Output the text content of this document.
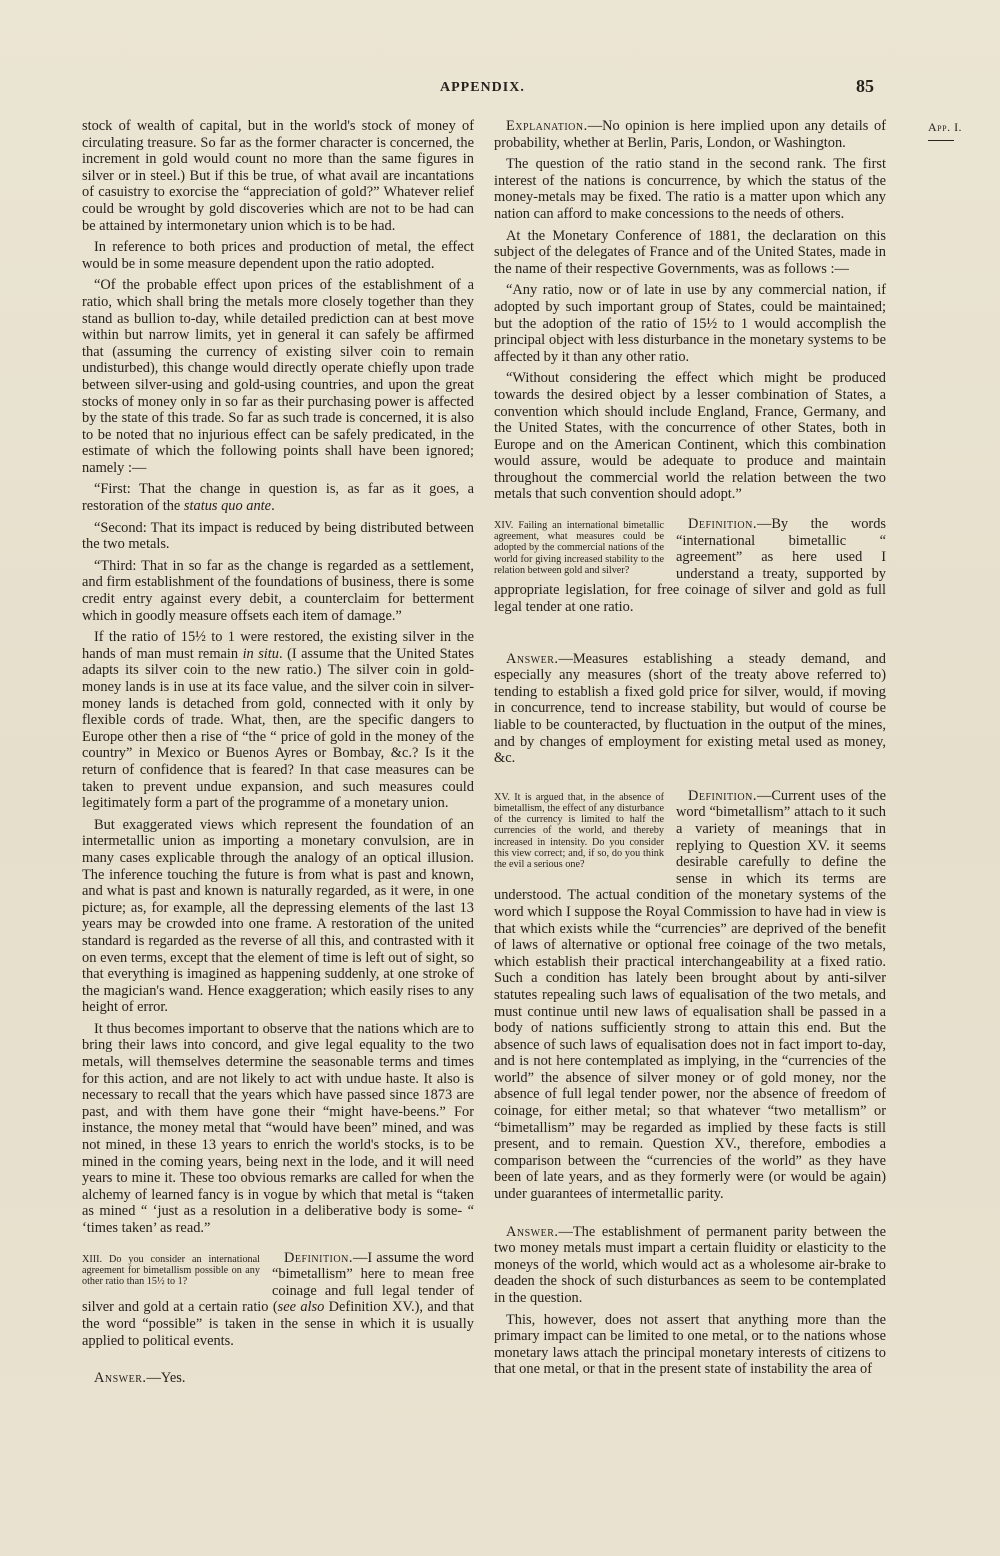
APPENDIX.	85
App. I.

stock of wealth of capital, but in the world's stock of money of circulating treasure. So far as the former character is concerned, the increment in gold would count no more than the same figures in silver or in steel.) But if this be true, of what avail are incantations of casuistry to exorcise the “appreciation of gold?” Whatever relief could be wrought by gold discoveries which are not to be had can be attained by intermonetary union which is to be had.

In reference to both prices and production of metal, the effect would be in some measure dependent upon the ratio adopted.

“Of the probable effect upon prices of the establishment of a ratio, which shall bring the metals more closely together than they stand as bullion to-day, while detailed prediction can at best move within but narrow limits, yet in general it can safely be affirmed that (assuming the currency of existing silver coin to remain undisturbed), this change would directly operate chiefly upon trade between silver-using and gold-using countries, and upon the great stocks of money only in so far as their purchasing power is affected by the state of this trade. So far as such trade is concerned, it is also to be noted that no injurious effect can be safely predicated, in the estimate of which the following points shall have been ignored; namely :—

“First: That the change in question is, as far as it goes, a restoration of the status quo ante.

“Second: That its impact is reduced by being distributed between the two metals.

“Third: That in so far as the change is regarded as a settlement, and firm establishment of the foundations of business, there is some credit entry against every debit, a counterclaim for betterment which in goodly measure offsets each item of damage.”

If the ratio of 15½ to 1 were restored, the existing silver in the hands of man must remain in situ. (I assume that the United States adapts its silver coin to the new ratio.) The silver coin in gold-money lands is in use at its face value, and the silver coin in silver-money lands is detached from gold, connected with it only by flexible cords of trade. What, then, are the specific dangers to Europe other then a rise of “the “ price of gold in the money of the country” in Mexico or Buenos Ayres or Bombay, &c.? Is it the return of confidence that is feared? In that case measures can be taken to prevent undue expansion, and such measures could legitimately form a part of the programme of a monetary union.

But exaggerated views which represent the foundation of an intermetallic union as importing a monetary convulsion, are in many cases explicable through the analogy of an optical illusion. The inference touching the future is from what is past and known, and what is past and known is naturally regarded, as it were, in one picture; as, for example, all the depressing elements of the last 13 years may be crowded into one frame. A restoration of the united standard is regarded as the reverse of all this, and contrasted with it on even terms, except that the element of time is left out of sight, so that everything is imagined as happening suddenly, at one stroke of the magician's wand. Hence exaggeration; which easily rises to any height of error.

It thus becomes important to observe that the nations which are to bring their laws into concord, and give legal equality to the two metals, will themselves determine the seasonable terms and times for this action, and are not likely to act with undue haste. It also is necessary to recall that the years which have passed since 1873 are past, and with them have gone their “might have-beens.” For instance, the money metal that “would have been” mined, and was not mined, in these 13 years to enrich the world's stocks, is to be mined in the coming years, being next in the lode, and it will need years to mine it. These too obvious remarks are called for when the alchemy of learned fancy is in vogue by which that metal is “taken as mined “ ‘just as a resolution in a deliberative body is some- “ ‘times taken’ as read.”

XIII. Do you consider an international agreement for bimetallism possible on any other ratio than 15½ to 1?

Definition.—I assume the word “bimetallism” here to mean free coinage and full legal tender of silver and gold at a certain ratio (see also Definition XV.), and that the word “possible” is taken in the sense in which it is usually applied to political events.

Answer.—Yes.

Explanation.—No opinion is here implied upon any details of probability, whether at Berlin, Paris, London, or Washington.

The question of the ratio stand in the second rank. The first interest of the nations is concurrence, by which the status of the money-metals may be fixed. The ratio is a matter upon which any nation can afford to make concessions to the needs of others.

At the Monetary Conference of 1881, the declaration on this subject of the delegates of France and of the United States, made in the name of their respective Governments, was as follows :—

“Any ratio, now or of late in use by any commercial nation, if adopted by such important group of States, could be maintained; but the adoption of the ratio of 15½ to 1 would accomplish the principal object with less disturbance in the monetary systems to be affected by it than any other ratio.

“Without considering the effect which might be produced towards the desired object by a lesser combination of States, a convention which should include England, France, Germany, and the United States, with the concurrence of other States, both in Europe and on the American Continent, which this combination would assure, would be adequate to produce and maintain throughout the commercial world the relation between the two metals that such convention should adopt.”

XIV. Failing an international bimetallic agreement, what measures could be adopted by the commercial nations of the world for giving increased stability to the relation between gold and silver?

Definition.—By the words “international bimetallic “ agreement” as here used I understand a treaty, supported by appropriate legislation, for free coinage of silver and gold as full legal tender at one ratio.

Answer.—Measures establishing a steady demand, and especially any measures (short of the treaty above referred to) tending to establish a fixed gold price for silver, would, if moving in concurrence, tend to increase stability, but would of course be liable to be counteracted, by fluctuation in the output of the mines, and by changes of employment for existing metal used as money, &c.

XV. It is argued that, in the absence of bimetallism, the effect of any disturbance of the currency is limited to half the currencies of the world, and thereby increased in intensity. Do you consider this view correct; and, if so, do you think the evil a serious one?

Definition.—Current uses of the word “bimetallism” attach to it such a variety of meanings that in replying to Question XV. it seems desirable carefully to define the sense in which its terms are understood. The actual condition of the monetary systems of the word which I suppose the Royal Commission to have had in view is that which exists while the “currencies” are deprived of the benefit of laws of alternative or optional free coinage of the two metals, which establish their practical interchangeability at a fixed ratio. Such a condition has lately been brought about by anti-silver statutes repealing such laws of equalisation of the two metals, and must continue until new laws of equalisation shall be passed in a body of nations sufficiently strong to attain this end. But the absence of such laws of equalisation does not in fact import to-day, and is not here contemplated as implying, in the “currencies of the world” the absence of silver money or of gold money, nor the absence of full legal tender power, nor the absence of freedom of coinage, for either metal; so that whatever “two metallism” or “bimetallism” may be regarded as implied by these facts is still present, and to remain. Question XV., therefore, embodies a comparison between the “currencies of the world” as they have been of late years, and as they formerly were (or would be again) under guarantees of intermetallic parity.

Answer.—The establishment of permanent parity between the two money metals must impart a certain fluidity or elasticity to the moneys of the world, which would act as a wholesome air-brake to deaden the shock of such disturbances as seem to be contemplated in the question.

This, however, does not assert that anything more than the primary impact can be limited to one metal, or to the nations whose monetary laws attach the principal monetary interests of citizens to that one metal, or that in the present state of instability the area of
